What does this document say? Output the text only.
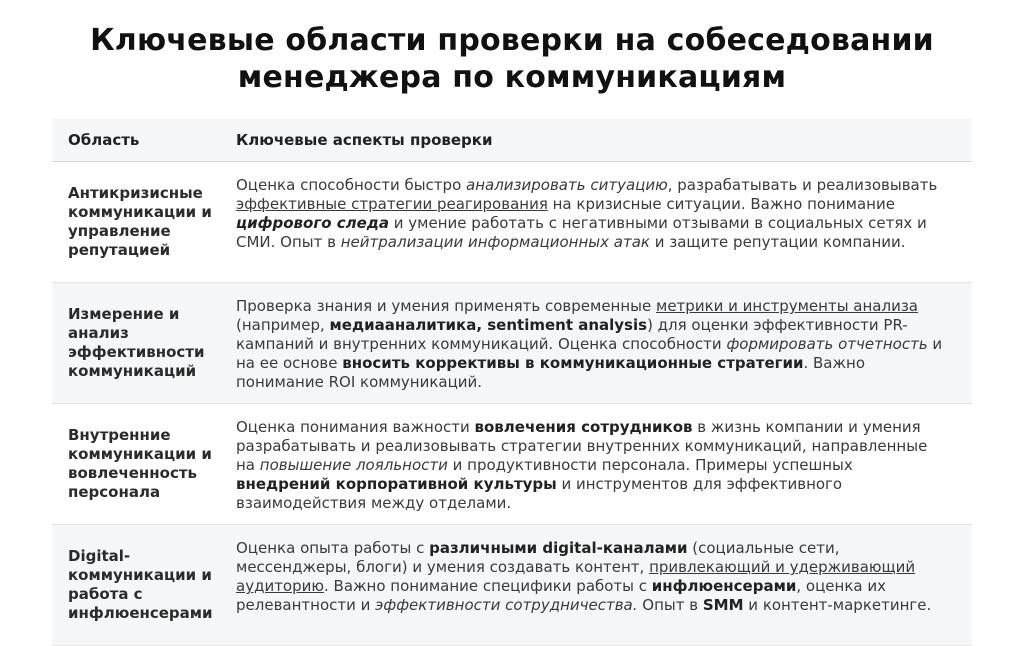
Ключевые области проверки на собеседовании
менеджера по коммуникациям
Область	Ключевые аспекты проверки
Антикризисные
коммуникации и
управление
репутацией
Оценка способности быстро анализировать ситуацию, разрабатывать и реализовывать эффективные стратегии реагирования на кризисные ситуации. Важно понимание цифрового следа и умение работать с негативными отзывами в социальных сетях и СМИ. Опыт в нейтрализации информационных атак и защите репутации компании.
Измерение и
анализ
эффективности
коммуникаций
Проверка знания и умения применять современные метрики и инструменты анализа (например, медиааналитика, sentiment analysis) для оценки эффективности PR-кампаний и внутренних коммуникаций. Оценка способности формировать отчетность и на ее основе вносить коррективы в коммуникационные стратегии. Важно понимание ROI коммуникаций.
Внутренние
коммуникации и
вовлеченность
персонала
Оценка понимания важности вовлечения сотрудников в жизнь компании и умения разрабатывать и реализовывать стратегии внутренних коммуникаций, направленные на повышение лояльности и продуктивности персонала. Примеры успешных внедрений корпоративной культуры и инструментов для эффективного взаимодействия между отделами.
Digital-
коммуникации и
работа с
инфлюенсерами
Оценка опыта работы с различными digital-каналами (социальные сети, мессенджеры, блоги) и умения создавать контент, привлекающий и удерживающий аудиторию. Важно понимание специфики работы с инфлюенсерами, оценка их релевантности и эффективности сотрудничества. Опыт в SMM и контент-маркетинге.
